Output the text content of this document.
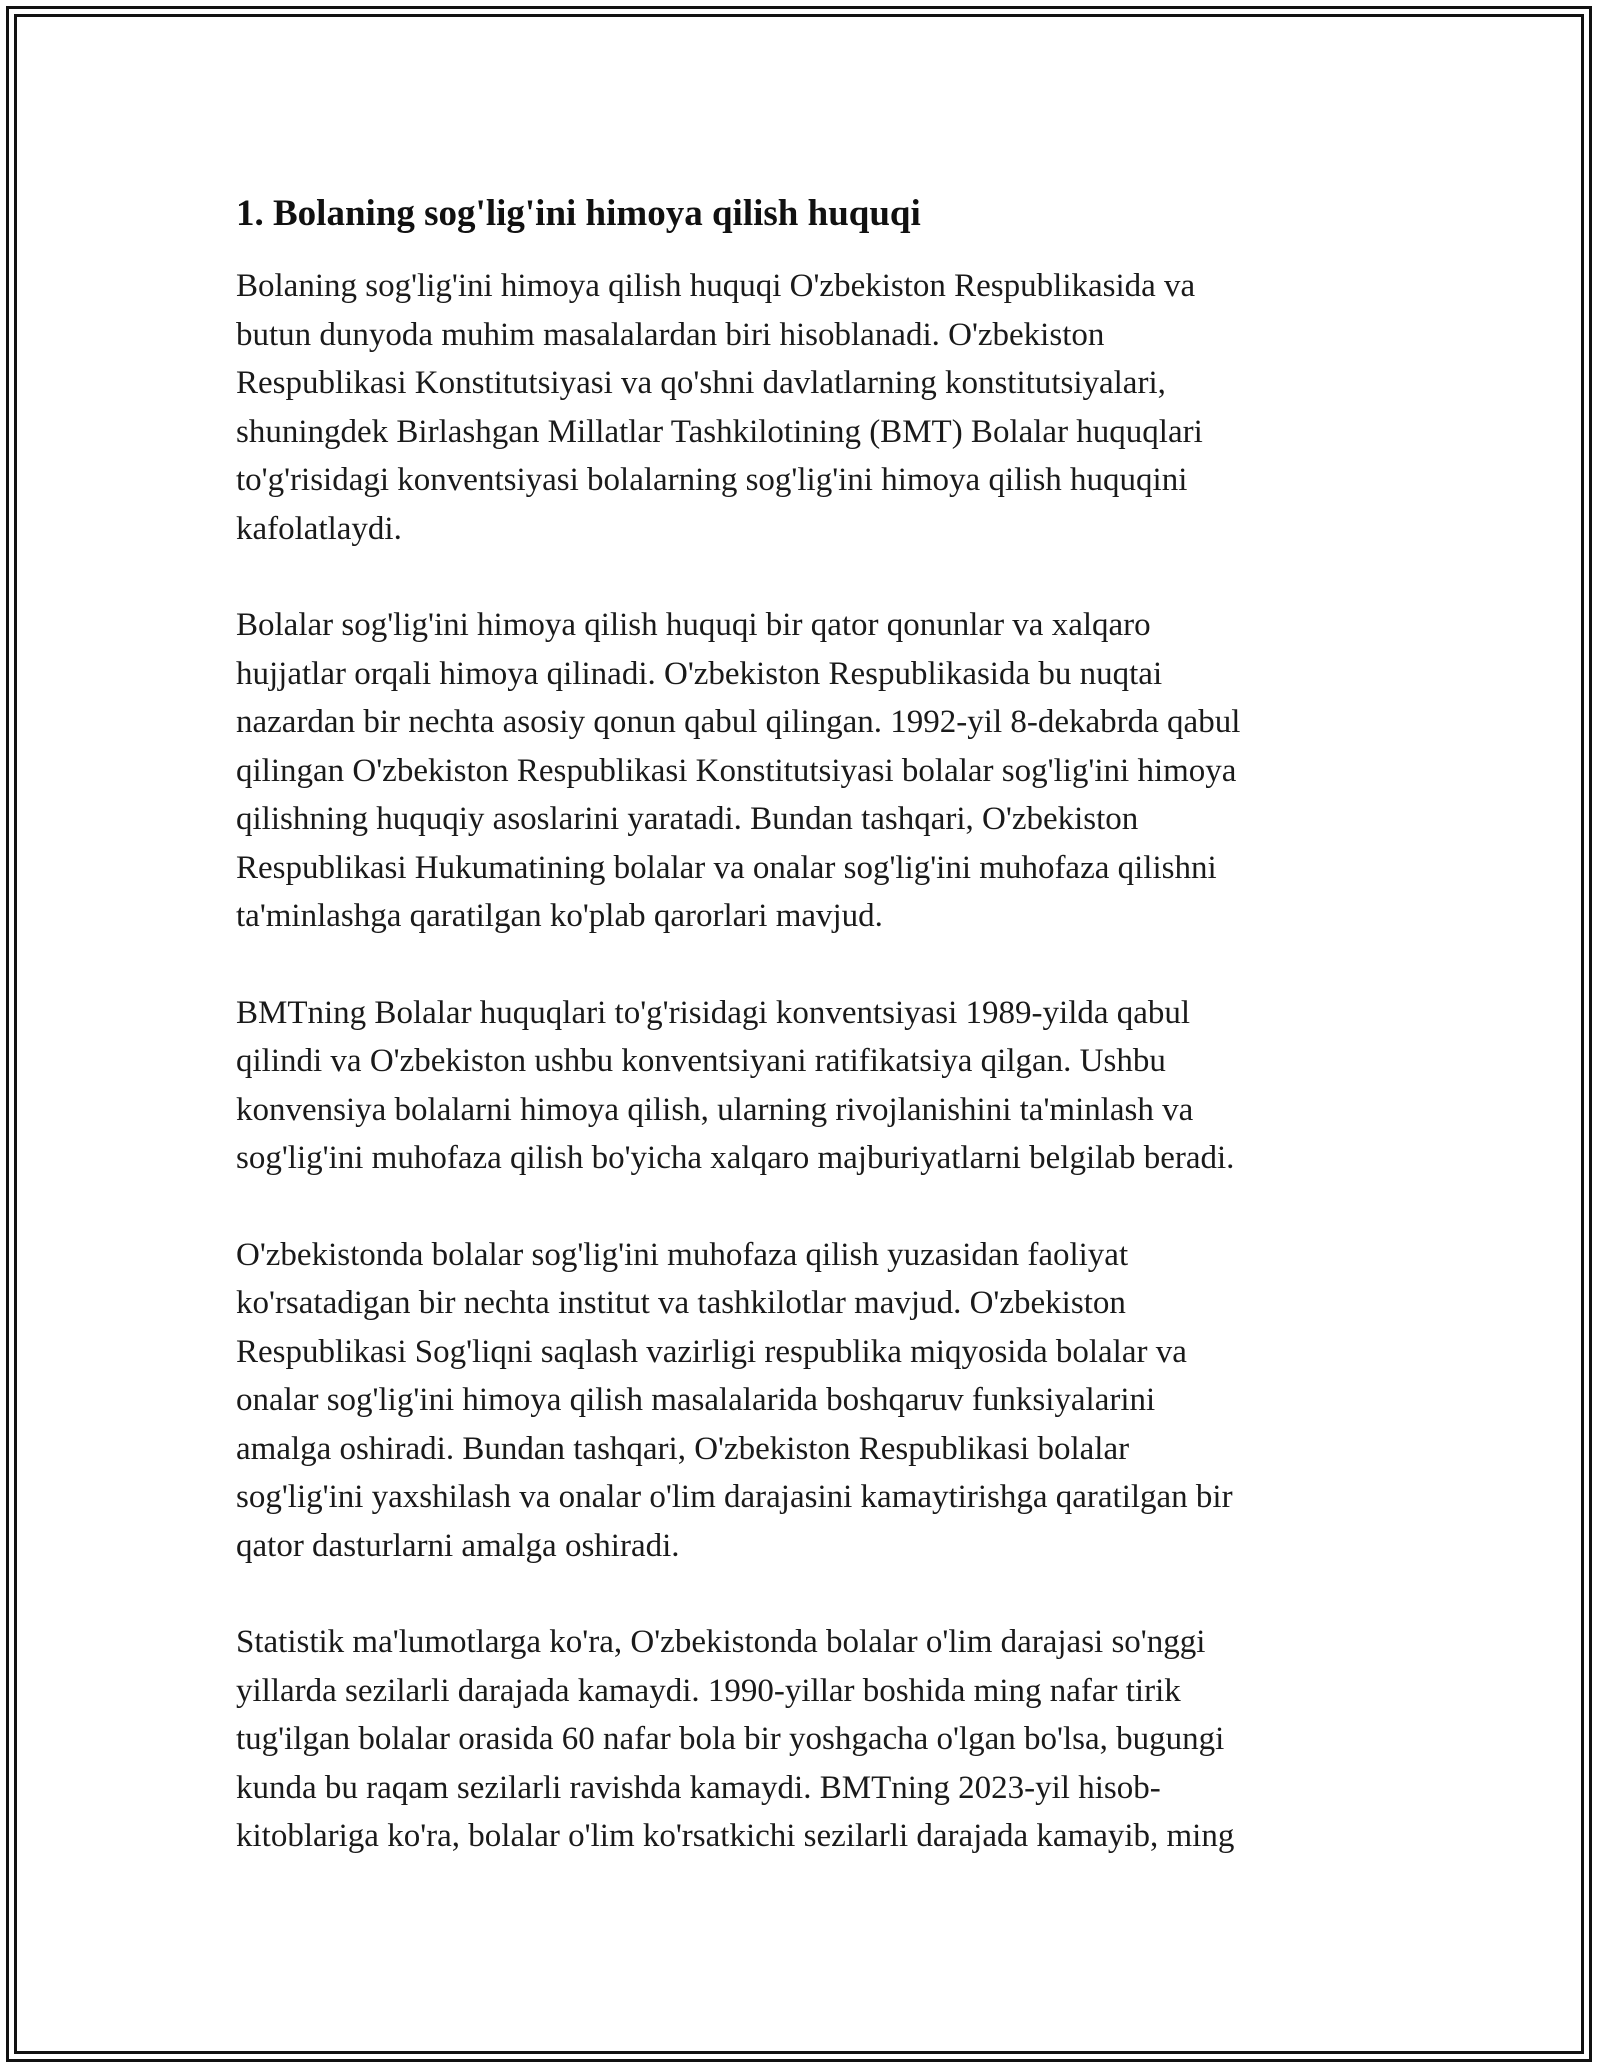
1. Bolaning sog'lig'ini himoya qilish huquqi

Bolaning sog'lig'ini himoya qilish huquqi O'zbekiston Respublikasida va
butun dunyoda muhim masalalardan biri hisoblanadi. O'zbekiston
Respublikasi Konstitutsiyasi va qo'shni davlatlarning konstitutsiyalari,
shuningdek Birlashgan Millatlar Tashkilotining (BMT) Bolalar huquqlari
to'g'risidagi konventsiyasi bolalarning sog'lig'ini himoya qilish huquqini
kafolatlaydi.

Bolalar sog'lig'ini himoya qilish huquqi bir qator qonunlar va xalqaro
hujjatlar orqali himoya qilinadi. O'zbekiston Respublikasida bu nuqtai
nazardan bir nechta asosiy qonun qabul qilingan. 1992-yil 8-dekabrda qabul
qilingan O'zbekiston Respublikasi Konstitutsiyasi bolalar sog'lig'ini himoya
qilishning huquqiy asoslarini yaratadi. Bundan tashqari, O'zbekiston
Respublikasi Hukumatining bolalar va onalar sog'lig'ini muhofaza qilishni
ta'minlashga qaratilgan ko'plab qarorlari mavjud.

BMTning Bolalar huquqlari to'g'risidagi konventsiyasi 1989-yilda qabul
qilindi va O'zbekiston ushbu konventsiyani ratifikatsiya qilgan. Ushbu
konvensiya bolalarni himoya qilish, ularning rivojlanishini ta'minlash va
sog'lig'ini muhofaza qilish bo'yicha xalqaro majburiyatlarni belgilab beradi.

O'zbekistonda bolalar sog'lig'ini muhofaza qilish yuzasidan faoliyat
ko'rsatadigan bir nechta institut va tashkilotlar mavjud. O'zbekiston
Respublikasi Sog'liqni saqlash vazirligi respublika miqyosida bolalar va
onalar sog'lig'ini himoya qilish masalalarida boshqaruv funksiyalarini
amalga oshiradi. Bundan tashqari, O'zbekiston Respublikasi bolalar
sog'lig'ini yaxshilash va onalar o'lim darajasini kamaytirishga qaratilgan bir
qator dasturlarni amalga oshiradi.

Statistik ma'lumotlarga ko'ra, O'zbekistonda bolalar o'lim darajasi so'nggi
yillarda sezilarli darajada kamaydi. 1990-yillar boshida ming nafar tirik
tug'ilgan bolalar orasida 60 nafar bola bir yoshgacha o'lgan bo'lsa, bugungi
kunda bu raqam sezilarli ravishda kamaydi. BMTning 2023-yil hisob-
kitoblariga ko'ra, bolalar o'lim ko'rsatkichi sezilarli darajada kamayib, ming
